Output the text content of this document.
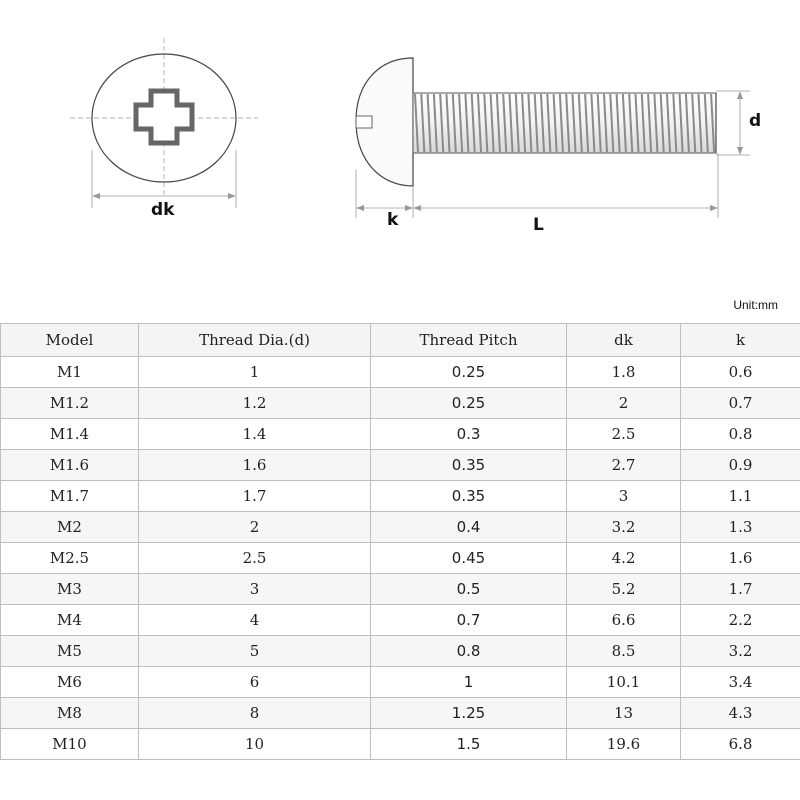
dk	k	L
d
Unit:mm
Model	Thread Dia.(d)	Thread Pitch	dk	k
M1	1	0.25	1.8	0.6
M1.2	1.2	0.25	2	0.7
M1.4	1.4	0.3	2.5	0.8
M1.6	1.6	0.35	2.7	0.9
M1.7	1.7	0.35	3	1.1
M2	2	0.4	3.2	1.3
M2.5	2.5	0.45	4.2	1.6
M3	3	0.5	5.2	1.7
M4	4	0.7	6.6	2.2
M5	5	0.8	8.5	3.2
M6	6	1	10.1	3.4
M8	8	1.25	13	4.3
M10	10	1.5	19.6	6.8
